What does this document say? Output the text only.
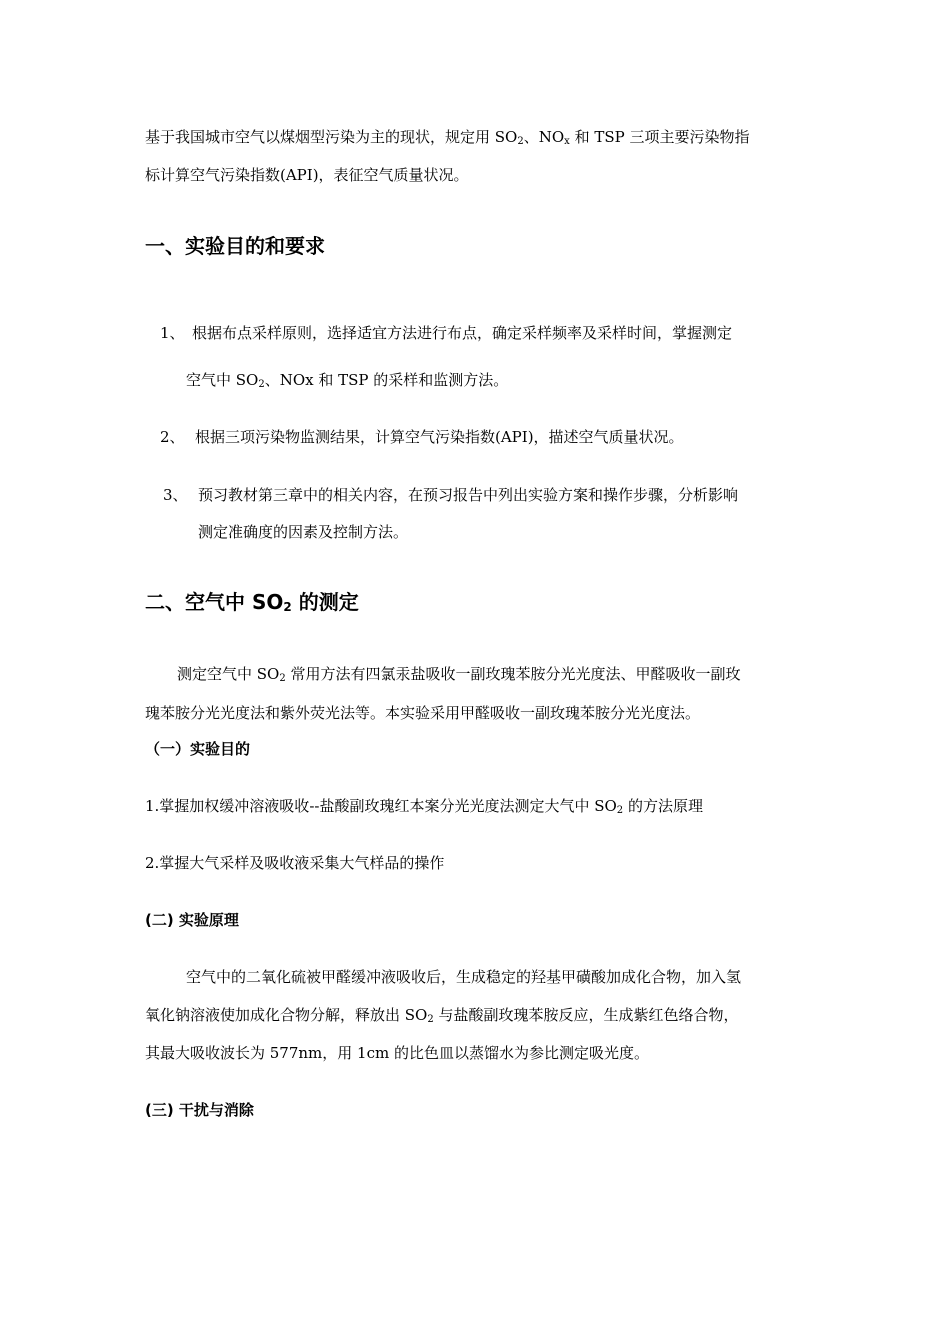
基于我国城市空气以煤烟型污染为主的现状，规定用 $SO_2$、$NO_x$ 和 TSP 三项主要污染物指
标计算空气污染指数(API)，表征空气质量状况。
一、实验目的和要求
1、 根据布点采样原则，选择适宜方法进行布点，确定采样频率及采样时间，掌握测定
空气中 $SO_2$、NOx 和 TSP 的采样和监测方法。
2、 根据三项污染物监测结果，计算空气污染指数(API)，描述空气质量状况。
3、 预习教材第三章中的相关内容，在预习报告中列出实验方案和操作步骤，分析影响
测定准确度的因素及控制方法。
二、空气中 $SO_2$ 的测定
测定空气中 $SO_2$ 常用方法有四氯汞盐吸收一副玫瑰苯胺分光光度法、甲醛吸收一副玫
瑰苯胺分光光度法和紫外荧光法等。本实验采用甲醛吸收一副玫瑰苯胺分光光度法。
（一）实验目的
1.掌握加权缓冲溶液吸收--盐酸副玫瑰红本案分光光度法测定大气中 $SO_2$ 的方法原理
2.掌握大气采样及吸收液采集大气样品的操作
(二) 实验原理
空气中的二氧化硫被甲醛缓冲液吸收后，生成稳定的羟基甲磺酸加成化合物，加入氢
氧化钠溶液使加成化合物分解，释放出 $SO_2$ 与盐酸副玫瑰苯胺反应，生成紫红色络合物，
其最大吸收波长为 577nm，用 1cm 的比色皿以蒸馏水为参比测定吸光度。
(三) 干扰与消除
